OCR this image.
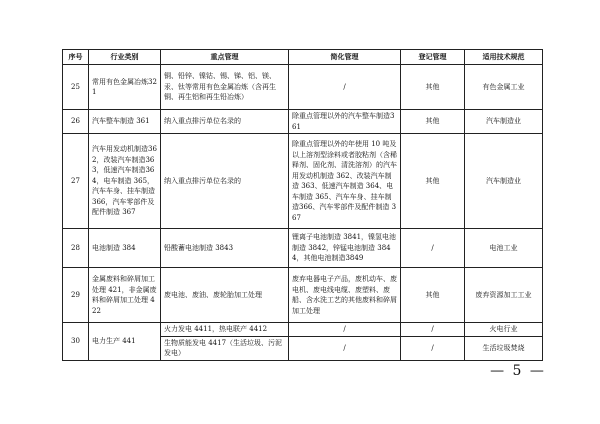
序号	行业类别	重点管理	简化管理	登记管理	适用技术规范
25	常用有色金属冶炼321	铜、铅锌、镍钴、锡、锑、铝、镁、汞、钛等常用有色金属冶炼（含再生铜、再生铝和再生铅冶炼）	/	其他	有色金属工业
26	汽车整车制造 361	纳入重点排污单位名录的	除重点管理以外的汽车整车制造361	其他	汽车制造业
27	汽车用发动机制造362，改装汽车制造363，低速汽车制造364，电车制造 365，汽车车身、挂车制造366，汽车零部件及配件制造 367	纳入重点排污单位名录的	除重点管理以外的年使用 10 吨及以上溶剂型涂料或者胶粘剂（含稀释剂、固化剂、清洗溶剂）的汽车用发动机制造 362、改装汽车制造 363、低速汽车制造 364、电车制造 365、汽车车身、挂车制造366、汽车零部件及配件制造 367	其他	汽车制造业
28	电池制造 384	铅酸蓄电池制造 3843	锂离子电池制造 3841，镍氢电池制造 3842，锌锰电池制造 3844，其他电池制造3849	/	电池工业
29	金属废料和碎屑加工处理 421，非金属废料和碎屑加工处理 422	废电池、废油、废轮胎加工处理	废弃电器电子产品，废机动车、废电机、废电线电缆、废塑料、废船、含水洗工艺的其他废料和碎屑加工处理	其他	废弃资源加工工业
30	电力生产 441	火力发电 4411，热电联产 4412	/	/	火电行业
		生物质能发电 4417（生活垃圾、污泥发电）	/	/	生活垃圾焚烧
— 5 —
